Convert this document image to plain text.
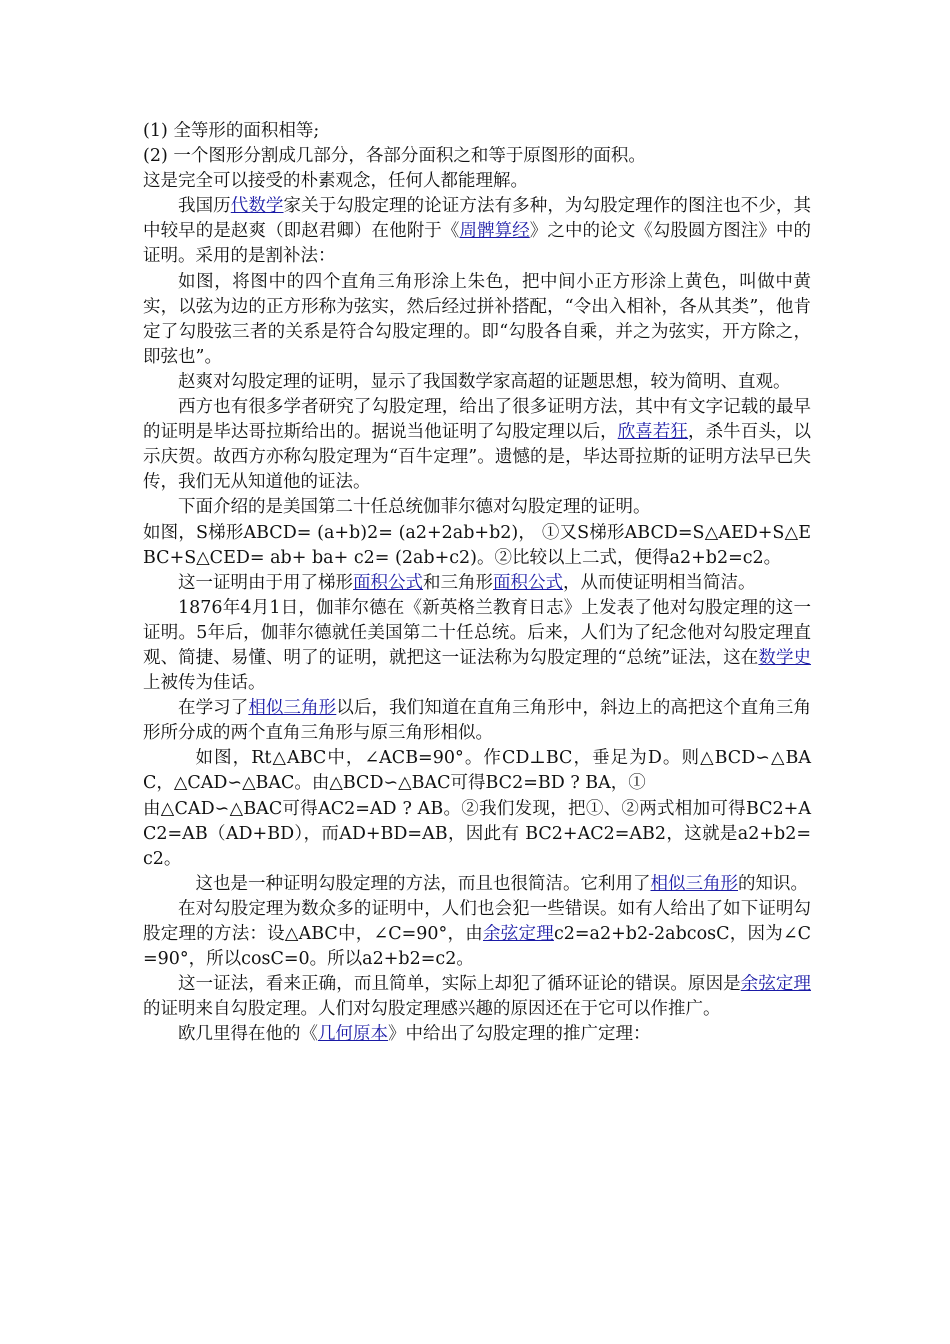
(1) 全等形的面积相等;

(2) 一个图形分割成几部分，各部分面积之和等于原图形的面积。

这是完全可以接受的朴素观念，任何人都能理解。

我国历代数学家关于勾股定理的论证方法有多种，为勾股定理作的图注也不少，其中较早的是赵爽（即赵君卿）在他附于《周髀算经》之中的论文《勾股圆方图注》中的证明。采用的是割补法：

如图，将图中的四个直角三角形涂上朱色，把中间小正方形涂上黄色，叫做中黄实，以弦为边的正方形称为弦实，然后经过拼补搭配，“令出入相补，各从其类”，他肯定了勾股弦三者的关系是符合勾股定理的。即“勾股各自乘，并之为弦实，开方除之，即弦也”。

赵爽对勾股定理的证明，显示了我国数学家高超的证题思想，较为简明、直观。

西方也有很多学者研究了勾股定理，给出了很多证明方法，其中有文字记载的最早的证明是毕达哥拉斯给出的。据说当他证明了勾股定理以后，欣喜若狂，杀牛百头，以示庆贺。故西方亦称勾股定理为“百牛定理”。遗憾的是，毕达哥拉斯的证明方法早已失传，我们无从知道他的证法。

下面介绍的是美国第二十任总统伽菲尔德对勾股定理的证明。

如图，S梯形ABCD= (a+b)2= (a2+2ab+b2)， ①又S梯形ABCD=S△AED+S△EBC+S△CED= ab+ ba+ c2= (2ab+c2)。②比较以上二式，便得a2+b2=c2。

这一证明由于用了梯形面积公式和三角形面积公式，从而使证明相当简洁。

1876年4月1日，伽菲尔德在《新英格兰教育日志》上发表了他对勾股定理的这一证明。5年后，伽菲尔德就任美国第二十任总统。后来，人们为了纪念他对勾股定理直观、简捷、易懂、明了的证明，就把这一证法称为勾股定理的“总统”证法，这在数学史上被传为佳话。

在学习了相似三角形以后，我们知道在直角三角形中，斜边上的高把这个直角三角形所分成的两个直角三角形与原三角形相似。

如图，Rt△ABC中，∠ACB=90°。作CD⊥BC，垂足为D。则△BCD∽△BAC，△CAD∽△BAC。由△BCD∽△BAC可得BC2=BD ? BA，①

由△CAD∽△BAC可得AC2=AD ? AB。②我们发现，把①、②两式相加可得BC2+AC2=AB（AD+BD），而AD+BD=AB，因此有 BC2+AC2=AB2，这就是a2+b2=c2。

这也是一种证明勾股定理的方法，而且也很简洁。它利用了相似三角形的知识。

在对勾股定理为数众多的证明中，人们也会犯一些错误。如有人给出了如下证明勾股定理的方法：设△ABC中，∠C=90°，由余弦定理c2=a2+b2-2abcosC，因为∠C=90°，所以cosC=0。所以a2+b2=c2。

这一证法，看来正确，而且简单，实际上却犯了循环证论的错误。原因是余弦定理的证明来自勾股定理。人们对勾股定理感兴趣的原因还在于它可以作推广。

欧几里得在他的《几何原本》中给出了勾股定理的推广定理：
